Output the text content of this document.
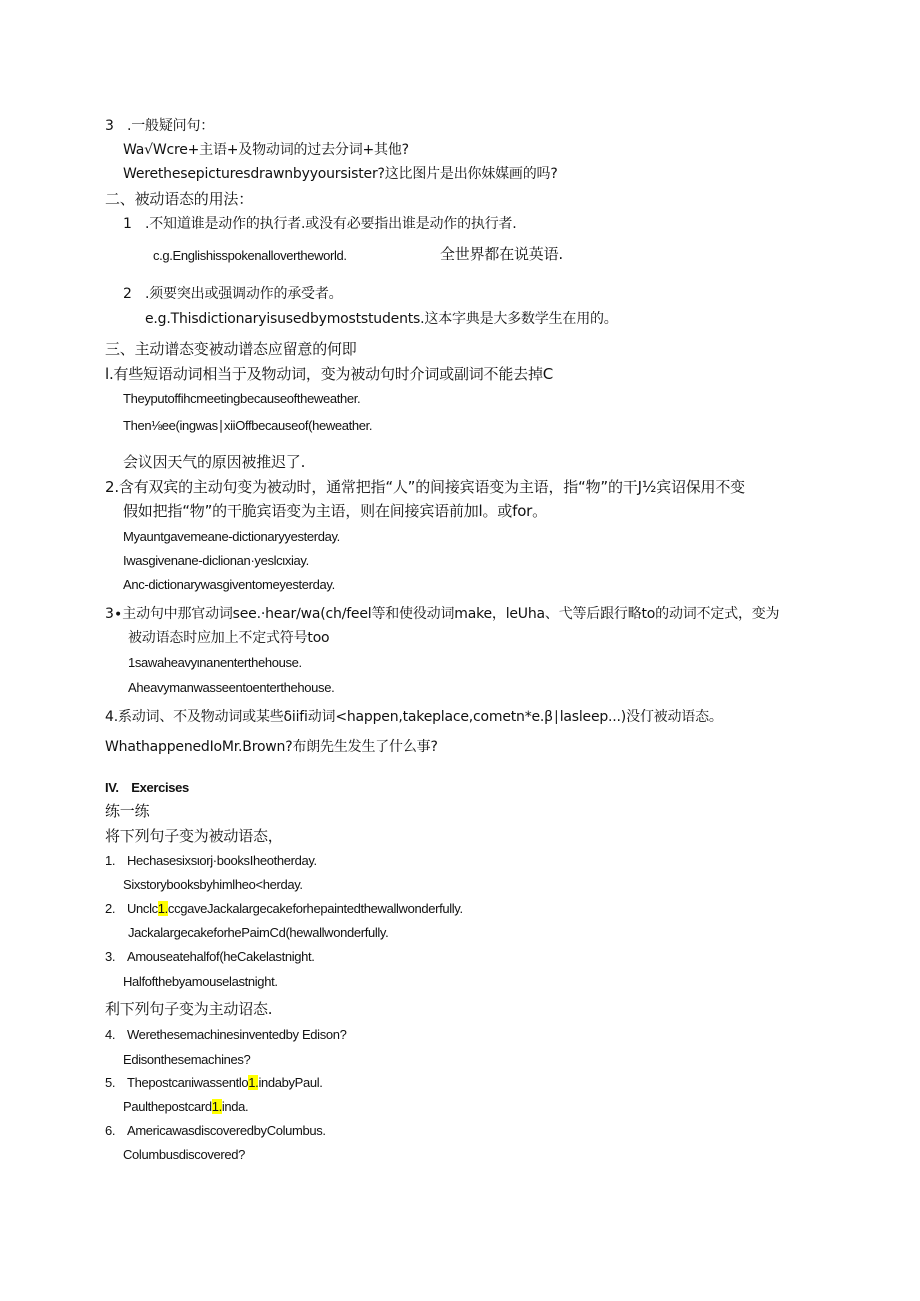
3 .一般疑问句：
Wa√Wcre+主语+及物动词的过去分词+其他?
Werethesepicturesdrawnbyyoursister?这比图片是出你妹媒画的吗?
二、被动语态的用法：
1 .不知道谁是动作的执行者.或没有必要指出谁是动作的执行者.
c.g.Englishisspokenallovertheworld.	全世界都在说英语.
2 .须要突出或强调动作的承受者。
e.g.Thisdictionaryisusedbymoststudents.这本字典是大多数学生在用的。
三、主动谱态变被动谱态应留意的何即
l.有些短语动词相当于及物动词，变为被动句时介词或副词不能去掉C
Theyputoffihcmeetingbecauseoftheweather.
Then⅛ee(ingwas∣xiiOffbecauseof(heweather.
会议因天气的原因被推迟了.
2.含有双宾的主动句变为被动时，通常把指“人”的间接宾语变为主语，指“物”的干J½宾诏保用不变
假如把指“物”的干脆宾语变为主语，则在间接宾语前加l。或for。
Myauntgavemeane-dictionaryyesterday.
Iwasgivenane-diclionan·yeslcιxiay.
Anc-dictionarywasgiventomeyesterday.
3∙主动句中那官动词see.·hear∕wa(ch∕feel等和使役动词make，leUha、弋等后跟行略to的动词不定式，变为
被动语态时应加上不定式符号too
1sawaheavyιnanenterthehouse.
Aheavymanwasseentoenterthehouse.
4.系动词、不及物动词或某些δiifi动词<happen,takeplace,cometn*e.β∣lasleep...)没仃被动语态。
WhathappenedIoMr.Brown?布朗先生发生了什么事?
IV. Exercises
练一练
将下列句子变为被动语态，
1. Hechasesixsιorj·booksIheotherday.
Sixstorybooksbyhimlheo<herday.
2. Unclc1.ccgaveJackalargecakeforhepaintedthewallwonderfully.
JackalargecakeforhePaimCd(hewallwonderfully.
3. Amouseatehalfof(heCakelastnight.
Halfofthebyamouselastnight.
利下列句子变为主动诏态.
4. Werethesemachinesinventedby Edison?
Edisonthesemachines?
5. Thepostcarιiwassentlo1.indabyPaul.
Paulthepostcard1.inda.
6. AmericawasdiscoveredbyColumbus.
Columbusdiscovered?
